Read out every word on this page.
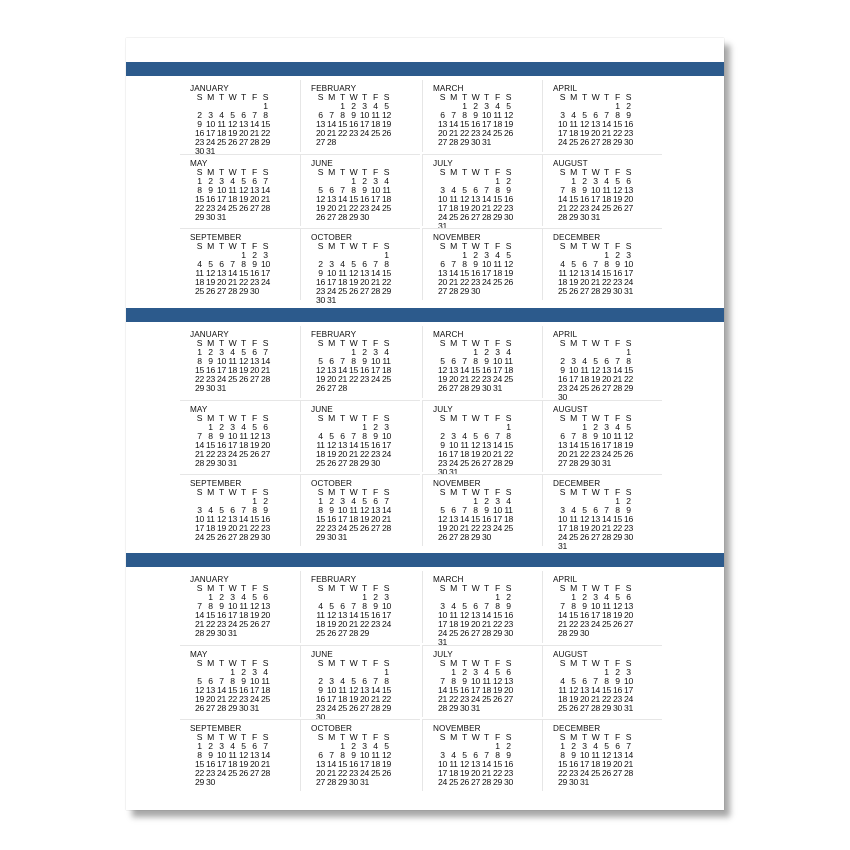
JANUARY
S M T W T F S
1
2 3 4 5 6 7 8
9 10 11 12 13 14 15
16 17 18 19 20 21 22
23 24 25 26 27 28 29
30 31
FEBRUARY
S M T W T F S
1 2 3 4 5
6 7 8 9 10 11 12
13 14 15 16 17 18 19
20 21 22 23 24 25 26
27 28
MARCH
S M T W T F S
1 2 3 4 5
6 7 8 9 10 11 12
13 14 15 16 17 18 19
20 21 22 23 24 25 26
27 28 29 30 31
APRIL
S M T W T F S
1 2
3 4 5 6 7 8 9
10 11 12 13 14 15 16
17 18 19 20 21 22 23
24 25 26 27 28 29 30
MAY
S M T W T F S
1 2 3 4 5 6 7
8 9 10 11 12 13 14
15 16 17 18 19 20 21
22 23 24 25 26 27 28
29 30 31
JUNE
S M T W T F S
1 2 3 4
5 6 7 8 9 10 11
12 13 14 15 16 17 18
19 20 21 22 23 24 25
26 27 28 29 30
JULY
S M T W T F S
1 2
3 4 5 6 7 8 9
10 11 12 13 14 15 16
17 18 19 20 21 22 23
24 25 26 27 28 29 30
31
AUGUST
S M T W T F S
1 2 3 4 5 6
7 8 9 10 11 12 13
14 15 16 17 18 19 20
21 22 23 24 25 26 27
28 29 30 31
SEPTEMBER
S M T W T F S
1 2 3
4 5 6 7 8 9 10
11 12 13 14 15 16 17
18 19 20 21 22 23 24
25 26 27 28 29 30
OCTOBER
S M T W T F S
1
2 3 4 5 6 7 8
9 10 11 12 13 14 15
16 17 18 19 20 21 22
23 24 25 26 27 28 29
30 31
NOVEMBER
S M T W T F S
1 2 3 4 5
6 7 8 9 10 11 12
13 14 15 16 17 18 19
20 21 22 23 24 25 26
27 28 29 30
DECEMBER
S M T W T F S
1 2 3
4 5 6 7 8 9 10
11 12 13 14 15 16 17
18 19 20 21 22 23 24
25 26 27 28 29 30 31
JANUARY
S M T W T F S
1 2 3 4 5 6 7
8 9 10 11 12 13 14
15 16 17 18 19 20 21
22 23 24 25 26 27 28
29 30 31
FEBRUARY
S M T W T F S
1 2 3 4
5 6 7 8 9 10 11
12 13 14 15 16 17 18
19 20 21 22 23 24 25
26 27 28
MARCH
S M T W T F S
1 2 3 4
5 6 7 8 9 10 11
12 13 14 15 16 17 18
19 20 21 22 23 24 25
26 27 28 29 30 31
APRIL
S M T W T F S
1
2 3 4 5 6 7 8
9 10 11 12 13 14 15
16 17 18 19 20 21 22
23 24 25 26 27 28 29
30
MAY
S M T W T F S
1 2 3 4 5 6
7 8 9 10 11 12 13
14 15 16 17 18 19 20
21 22 23 24 25 26 27
28 29 30 31
JUNE
S M T W T F S
1 2 3
4 5 6 7 8 9 10
11 12 13 14 15 16 17
18 19 20 21 22 23 24
25 26 27 28 29 30
JULY
S M T W T F S
1
2 3 4 5 6 7 8
9 10 11 12 13 14 15
16 17 18 19 20 21 22
23 24 25 26 27 28 29
30 31
AUGUST
S M T W T F S
1 2 3 4 5
6 7 8 9 10 11 12
13 14 15 16 17 18 19
20 21 22 23 24 25 26
27 28 29 30 31
SEPTEMBER
S M T W T F S
1 2
3 4 5 6 7 8 9
10 11 12 13 14 15 16
17 18 19 20 21 22 23
24 25 26 27 28 29 30
OCTOBER
S M T W T F S
1 2 3 4 5 6 7
8 9 10 11 12 13 14
15 16 17 18 19 20 21
22 23 24 25 26 27 28
29 30 31
NOVEMBER
S M T W T F S
1 2 3 4
5 6 7 8 9 10 11
12 13 14 15 16 17 18
19 20 21 22 23 24 25
26 27 28 29 30
DECEMBER
S M T W T F S
1 2
3 4 5 6 7 8 9
10 11 12 13 14 15 16
17 18 19 20 21 22 23
24 25 26 27 28 29 30
31
JANUARY
S M T W T F S
1 2 3 4 5 6
7 8 9 10 11 12 13
14 15 16 17 18 19 20
21 22 23 24 25 26 27
28 29 30 31
FEBRUARY
S M T W T F S
1 2 3
4 5 6 7 8 9 10
11 12 13 14 15 16 17
18 19 20 21 22 23 24
25 26 27 28 29
MARCH
S M T W T F S
1 2
3 4 5 6 7 8 9
10 11 12 13 14 15 16
17 18 19 20 21 22 23
24 25 26 27 28 29 30
31
APRIL
S M T W T F S
1 2 3 4 5 6
7 8 9 10 11 12 13
14 15 16 17 18 19 20
21 22 23 24 25 26 27
28 29 30
MAY
S M T W T F S
1 2 3 4
5 6 7 8 9 10 11
12 13 14 15 16 17 18
19 20 21 22 23 24 25
26 27 28 29 30 31
JUNE
S M T W T F S
1
2 3 4 5 6 7 8
9 10 11 12 13 14 15
16 17 18 19 20 21 22
23 24 25 26 27 28 29
30
JULY
S M T W T F S
1 2 3 4 5 6
7 8 9 10 11 12 13
14 15 16 17 18 19 20
21 22 23 24 25 26 27
28 29 30 31
AUGUST
S M T W T F S
1 2 3
4 5 6 7 8 9 10
11 12 13 14 15 16 17
18 19 20 21 22 23 24
25 26 27 28 29 30 31
SEPTEMBER
S M T W T F S
1 2 3 4 5 6 7
8 9 10 11 12 13 14
15 16 17 18 19 20 21
22 23 24 25 26 27 28
29 30
OCTOBER
S M T W T F S
1 2 3 4 5
6 7 8 9 10 11 12
13 14 15 16 17 18 19
20 21 22 23 24 25 26
27 28 29 30 31
NOVEMBER
S M T W T F S
1 2
3 4 5 6 7 8 9
10 11 12 13 14 15 16
17 18 19 20 21 22 23
24 25 26 27 28 29 30
DECEMBER
S M T W T F S
1 2 3 4 5 6 7
8 9 10 11 12 13 14
15 16 17 18 19 20 21
22 23 24 25 26 27 28
29 30 31
